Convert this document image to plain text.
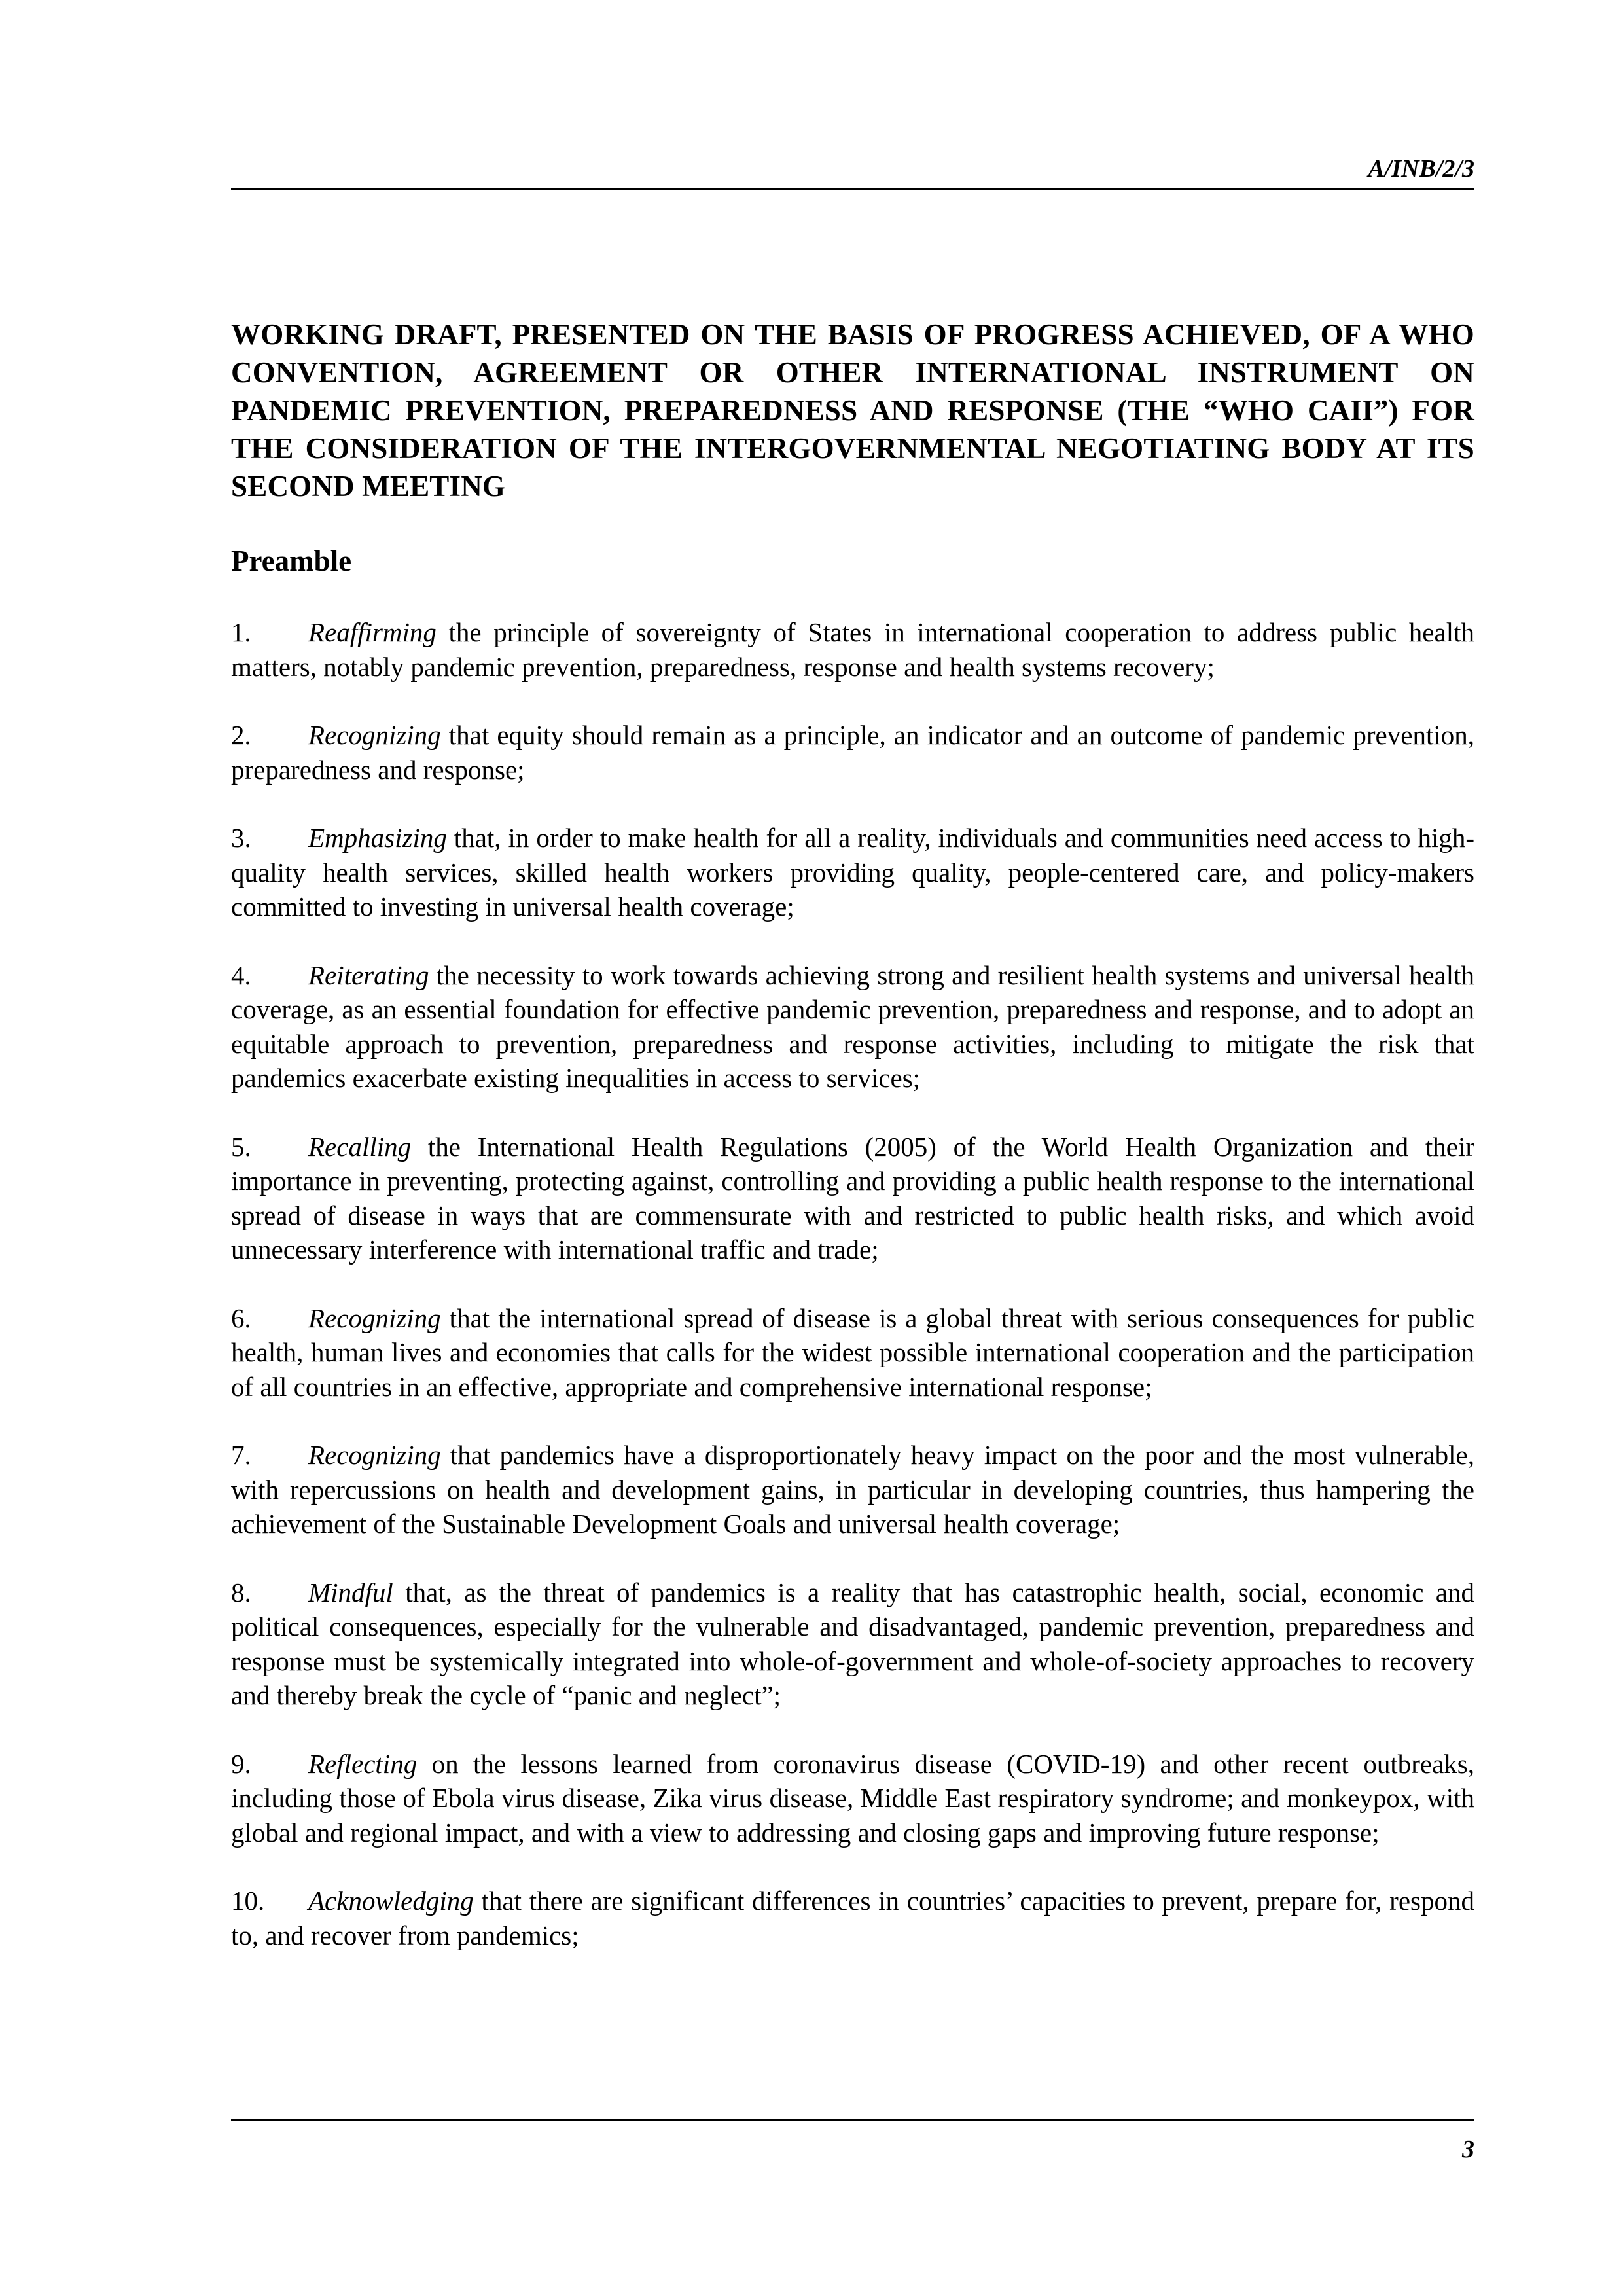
A/INB/2/3
WORKING DRAFT, PRESENTED ON THE BASIS OF PROGRESS ACHIEVED, OF A WHO CONVENTION, AGREEMENT OR OTHER INTERNATIONAL INSTRUMENT ON PANDEMIC PREVENTION, PREPAREDNESS AND RESPONSE (THE “WHO CAII”) FOR THE CONSIDERATION OF THE INTERGOVERNMENTAL NEGOTIATING BODY AT ITS SECOND MEETING
Preamble

1. Reaffirming the principle of sovereignty of States in international cooperation to address public health matters, notably pandemic prevention, preparedness, response and health systems recovery;

2. Recognizing that equity should remain as a principle, an indicator and an outcome of pandemic prevention, preparedness and response;

3. Emphasizing that, in order to make health for all a reality, individuals and communities need access to high-quality health services, skilled health workers providing quality, people-centered care, and policy-makers committed to investing in universal health coverage;

4. Reiterating the necessity to work towards achieving strong and resilient health systems and universal health coverage, as an essential foundation for effective pandemic prevention, preparedness and response, and to adopt an equitable approach to prevention, preparedness and response activities, including to mitigate the risk that pandemics exacerbate existing inequalities in access to services;

5. Recalling the International Health Regulations (2005) of the World Health Organization and their importance in preventing, protecting against, controlling and providing a public health response to the international spread of disease in ways that are commensurate with and restricted to public health risks, and which avoid unnecessary interference with international traffic and trade;

6. Recognizing that the international spread of disease is a global threat with serious consequences for public health, human lives and economies that calls for the widest possible international cooperation and the participation of all countries in an effective, appropriate and comprehensive international response;

7. Recognizing that pandemics have a disproportionately heavy impact on the poor and the most vulnerable, with repercussions on health and development gains, in particular in developing countries, thus hampering the achievement of the Sustainable Development Goals and universal health coverage;

8. Mindful that, as the threat of pandemics is a reality that has catastrophic health, social, economic and political consequences, especially for the vulnerable and disadvantaged, pandemic prevention, preparedness and response must be systemically integrated into whole-of-government and whole-of-society approaches to recovery and thereby break the cycle of “panic and neglect”;

9. Reflecting on the lessons learned from coronavirus disease (COVID-19) and other recent outbreaks, including those of Ebola virus disease, Zika virus disease, Middle East respiratory syndrome; and monkeypox, with global and regional impact, and with a view to addressing and closing gaps and improving future response;

10. Acknowledging that there are significant differences in countries’ capacities to prevent, prepare for, respond to, and recover from pandemics;

3
